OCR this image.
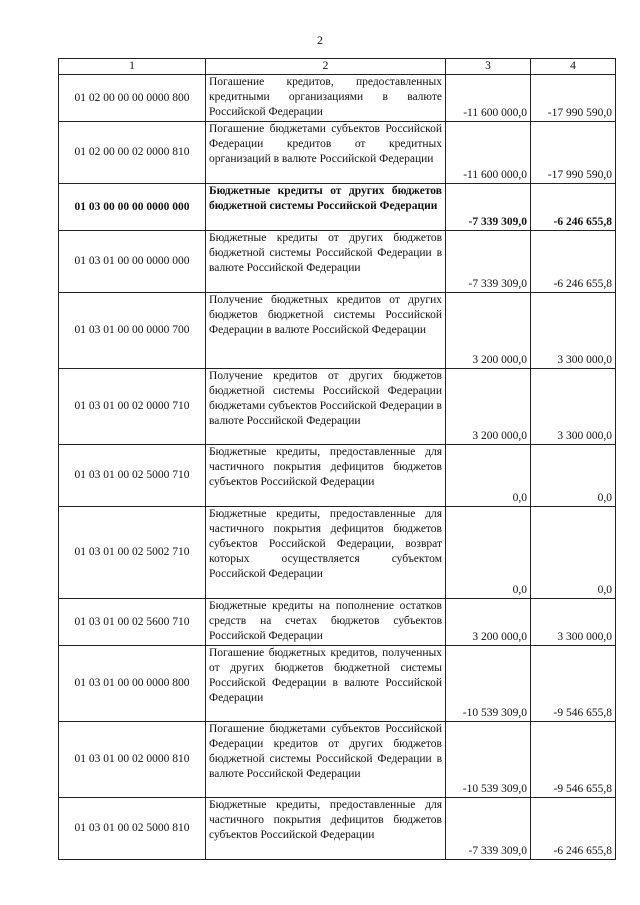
2
1	2	3	4
01 02 00 00 00 0000 800	Погашение кредитов, предоставленных кредитными организациями в валюте Российской Федерации	-11 600 000,0	-17 990 590,0
01 02 00 00 02 0000 810	Погашение бюджетами субъектов Российской Федерации кредитов от кредитных организаций в валюте Российской Федерации	-11 600 000,0	-17 990 590,0
01 03 00 00 00 0000 000	Бюджетные кредиты от других бюджетов бюджетной системы Российской Федерации	-7 339 309,0	-6 246 655,8
01 03 01 00 00 0000 000	Бюджетные кредиты от других бюджетов бюджетной системы Российской Федерации в валюте Российской Федерации	-7 339 309,0	-6 246 655,8
01 03 01 00 00 0000 700	Получение бюджетных кредитов от других бюджетов бюджетной системы Российской Федерации в валюте Российской Федерации	3 200 000,0	3 300 000,0
01 03 01 00 02 0000 710	Получение кредитов от других бюджетов бюджетной системы Российской Федерации бюджетами субъектов Российской Федерации в валюте Российской Федерации	3 200 000,0	3 300 000,0
01 03 01 00 02 5000 710	Бюджетные кредиты, предоставленные для частичного покрытия дефицитов бюджетов субъектов Российской Федерации	0,0	0,0
01 03 01 00 02 5002 710	Бюджетные кредиты, предоставленные для частичного покрытия дефицитов бюджетов субъектов Российской Федерации, возврат которых осуществляется субъектом Российской Федерации	0,0	0,0
01 03 01 00 02 5600 710	Бюджетные кредиты на пополнение остатков средств на счетах бюджетов субъектов Российской Федерации	3 200 000,0	3 300 000,0
01 03 01 00 00 0000 800	Погашение бюджетных кредитов, полученных от других бюджетов бюджетной системы Российской Федерации в валюте Российской Федерации	-10 539 309,0	-9 546 655,8
01 03 01 00 02 0000 810	Погашение бюджетами субъектов Российской Федерации кредитов от других бюджетов бюджетной системы Российской Федерации в валюте Российской Федерации	-10 539 309,0	-9 546 655,8
01 03 01 00 02 5000 810	Бюджетные кредиты, предоставленные для частичного покрытия дефицитов бюджетов субъектов Российской Федерации	-7 339 309,0	-6 246 655,8
